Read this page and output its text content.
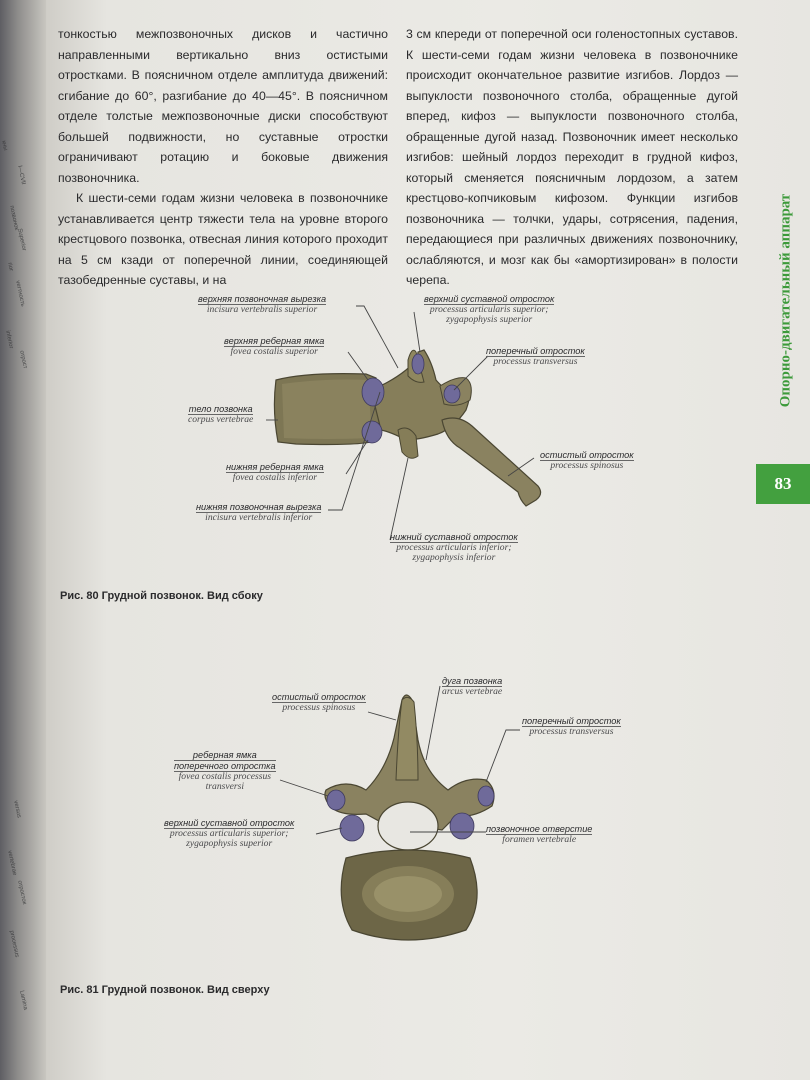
кны
I—СVII
позвонок
Superior
rior
verтность
inferior
отрост
versus
vertebrae
отросток
processus
Lamina

тонкостью межпозвоночных дисков и частично направленными вертикально вниз остистыми отростками. В поясничном отделе амплитуда движений: сгибание до 60°, разгибание до 40—45°. В поясничном отделе толстые межпозвоночные диски способствуют большей подвижности, но суставные отростки ограничивают ротацию и боковые движения позвоночника.

К шести-семи годам жизни человека в позвоночнике устанавливается центр тяжести тела на уровне второго крестцового позвонка, отвесная линия которого проходит на 5 см кзади от поперечной линии, соединяющей тазобедренные суставы, и на

3 см кпереди от поперечной оси голеностопных суставов. К шести-семи годам жизни человека в позвоночнике происходит окончательное развитие изгибов. Лордоз — выпуклости позвоночного столба, обращенные дугой вперед, кифоз — выпуклости позвоночного столба, обращенные дугой назад. Позвоночник имеет несколько изгибов: шейный лордоз переходит в грудной кифоз, который сменяется поясничным лордозом, а затем крестцово-копчиковым кифозом. Функции изгибов позвоночника — толчки, удары, сотрясения, падения, передающиеся при различных движениях позвоночнику, ослабляются, и мозг как бы «амортизирован» в полости черепа.	Опорно-двигательный аппарат
83
верхняя позвоночная вырезка
incisura vertebralis superior
верхняя реберная ямка
fovea costalis superior
тело позвонка
corpus vertebrae
нижняя реберная ямка
fovea costalis inferior
нижняя позвоночная вырезка
incisura vertebralis inferior
верхний суставной отросток
processus articularis superior;
zygapophysis superior
поперечный отросток
processus transversus
остистый отросток
processus spinosus
нижний суставной отросток
processus articularis inferior;
zygapophysis inferior
Рис. 80 Грудной позвонок. Вид сбоку
остистый отросток
processus spinosus
дуга позвонка
arcus vertebrae
поперечный отросток
processus transversus
реберная ямка
поперечного отростка
fovea costalis processus
transversi
верхний суставной отросток
processus articularis superior;
zygapophysis superior
позвоночное отверстие
foramen vertebrale
Рис. 81 Грудной позвонок. Вид сверху
